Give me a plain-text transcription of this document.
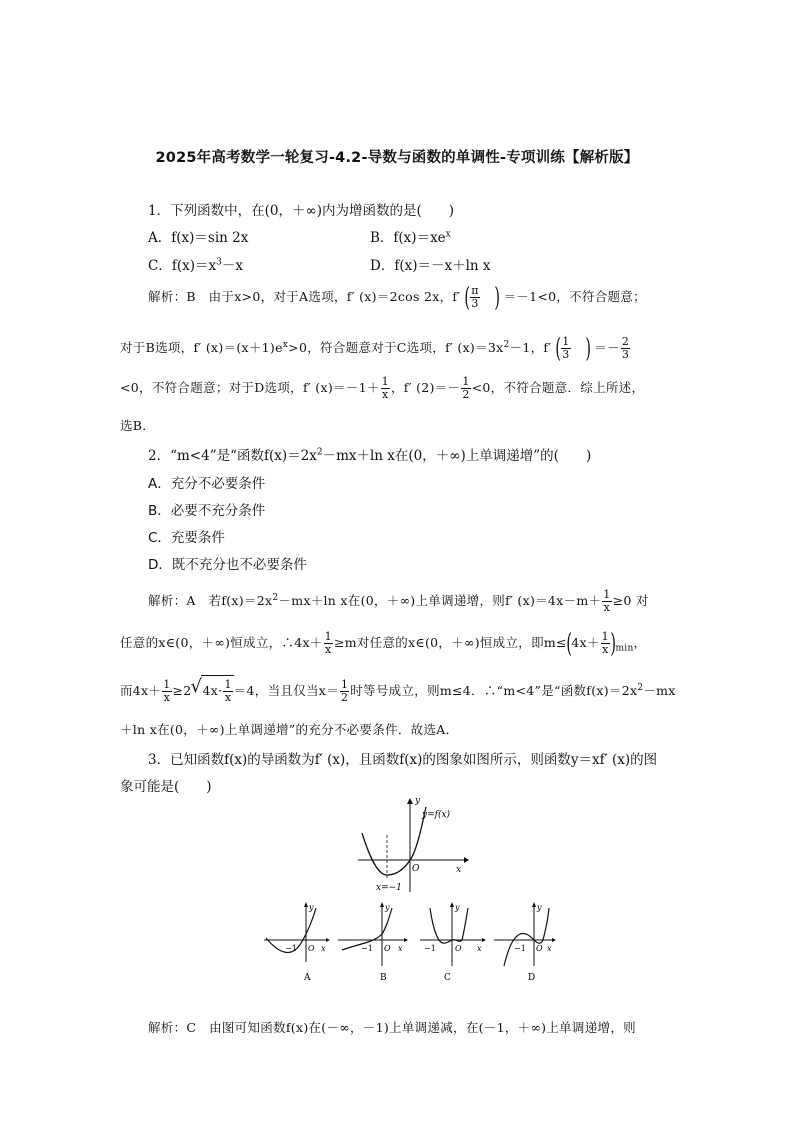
2025年高考数学一轮复习-4.2-导数与函数的单调性-专项训练【解析版】
1．下列函数中，在(0，＋∞)内为增函数的是(　　)
A．f(x)＝sin 2x	B．$f(x)=xe^x$
C．$f(x)=x^3-x$	D．f(x)＝－x＋ln x
解析：B　由于x>0，对于A选项，f′ (x)＝2cos 2x，f′ ( $\frac{\pi}{3}$ ) ＝－1<0，不符合题意；
对于B选项，f′ $(x)=(x+1)e^x>0$，符合题意对于C选项，f′ $(x)=3x^2-1$，f′ ( $\frac{1}{3}$ ) ＝－ $\frac{2}{3}$
<0，不符合题意；对于D选项，f′ $(x)=-1+ \frac{1}{x}$ ，f′ $(2)=- \frac{1}{2} <0$，不符合题意．综上所述，
选B．
2．“m<4”是“函数$f(x)=2x^2-mx+\ln$ x在(0，＋∞)上单调递增”的(　　)
A．充分不必要条件
B．必要不充分条件
C．充要条件
D．既不充分也不必要条件
解析：A　若$f(x)=2x^2-mx+\ln$ x在(0，＋∞)上单调递增，则f′ $(x)=4x-m+ \frac{1}{x} \ge 0$ 对
任意的x∈(0，＋∞)恒成立，∴4x＋ $\frac{1}{x} \ge m$对任意的x∈(0，＋∞)恒成立，即$m\le(4x+ \frac{1}{x} )_{min}$，
而$4x+ \frac{1}{x} \ge 2$ √ $4x\cdot \frac{1}{x} =4$，当且仅当$x= \frac{1}{2}$ 时等号成立，则m≤4．∴“m<4”是“函数$f(x)=2x^2-mx$
＋ln x在(0，＋∞)上单调递增”的充分不必要条件．故选A．
3．已知函数f(x)的导函数为f′ (x)，且函数f(x)的图象如图所示，则函数y＝xf′ (x)的图
象可能是(　　)
y
x
O
y=f(x)
x=−1
y
x
−1 O
A
y
x
−1 O
B
y
x
−1 O
C
y
x
−1 O
D
解析：C　由图可知函数f(x)在(－∞，－1)上单调递减，在(－1，＋∞)上单调递增，则
